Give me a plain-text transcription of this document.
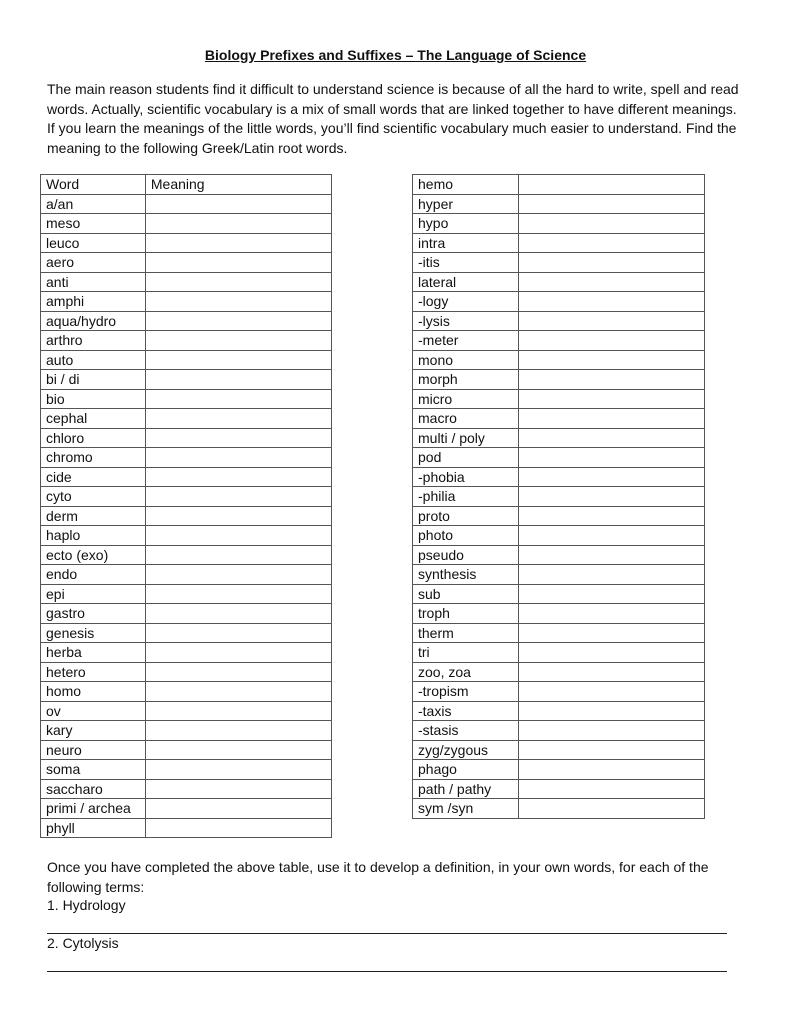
Biology Prefixes and Suffixes – The Language of Science

The main reason students find it difficult to understand science is because of all the hard to write, spell and read words. Actually, scientific vocabulary is a mix of small words that are linked together to have different meanings. If you learn the meanings of the little words, you’ll find scientific vocabulary much easier to understand. Find the meaning to the following Greek/Latin root words.

Word	Meaning
a/an	
meso	
leuco	
aero	
anti	
amphi	
aqua/hydro	
arthro	
auto	
bi / di	
bio	
cephal	
chloro	
chromo	
cide	
cyto	
derm	
haplo	
ecto (exo)	
endo	
epi	
gastro	
genesis	
herba	
hetero	
homo	
ov	
kary	
neuro	
soma	
saccharo	
primi / archea	
phyll	
hemo	
hyper	
hypo	
intra	
-itis	
lateral	
-logy	
-lysis	
-meter	
mono	
morph	
micro	
macro	
multi / poly	
pod	
-phobia	
-philia	
proto	
photo	
pseudo	
synthesis	
sub	
troph	
therm	
tri	
zoo, zoa	
-tropism	
-taxis	
-stasis	
zyg/zygous	
phago	
path / pathy	
sym /syn	
Once you have completed the above table, use it to develop a definition, in your own words, for each of the following terms:
1. Hydrology
2. Cytolysis
